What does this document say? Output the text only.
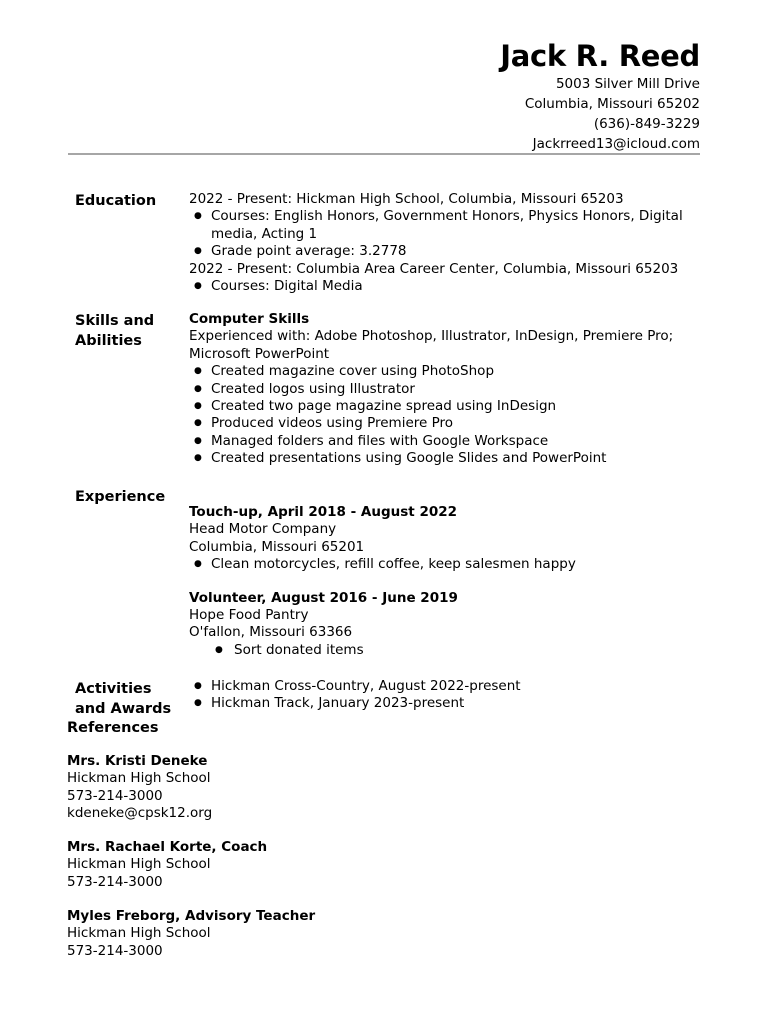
Jack R. Reed
5003 Silver Mill Drive
Columbia, Missouri 65202
(636)-849-3229
Jackrreed13@icloud.com
Education	2022 - Present: Hickman High School, Columbia, Missouri 65203
● Courses: English Honors, Government Honors, Physics Honors, Digital media, Acting 1
● Grade point average: 3.2778
2022 - Present: Columbia Area Career Center, Columbia, Missouri 65203
● Courses: Digital Media
Skills and
Abilities
Computer Skills
Experienced with: Adobe Photoshop, Illustrator, InDesign, Premiere Pro; Microsoft PowerPoint
● Created magazine cover using PhotoShop
● Created logos using Illustrator
● Created two page magazine spread using InDesign
● Produced videos using Premiere Pro
● Managed folders and files with Google Workspace
● Created presentations using Google Slides and PowerPoint
Experience
Touch-up, April 2018 - August 2022
Head Motor Company
Columbia, Missouri 65201
● Clean motorcycles, refill coffee, keep salesmen happy
Volunteer, August 2016 - June 2019
Hope Food Pantry
O'fallon, Missouri 63366
● Sort donated items
Activities
and Awards
● Hickman Cross-Country, August 2022-present
● Hickman Track, January 2023-present
References
Mrs. Kristi Deneke
Hickman High School
573-214-3000
kdeneke@cpsk12.org
Mrs. Rachael Korte, Coach
Hickman High School
573-214-3000
Myles Freborg, Advisory Teacher
Hickman High School
573-214-3000
